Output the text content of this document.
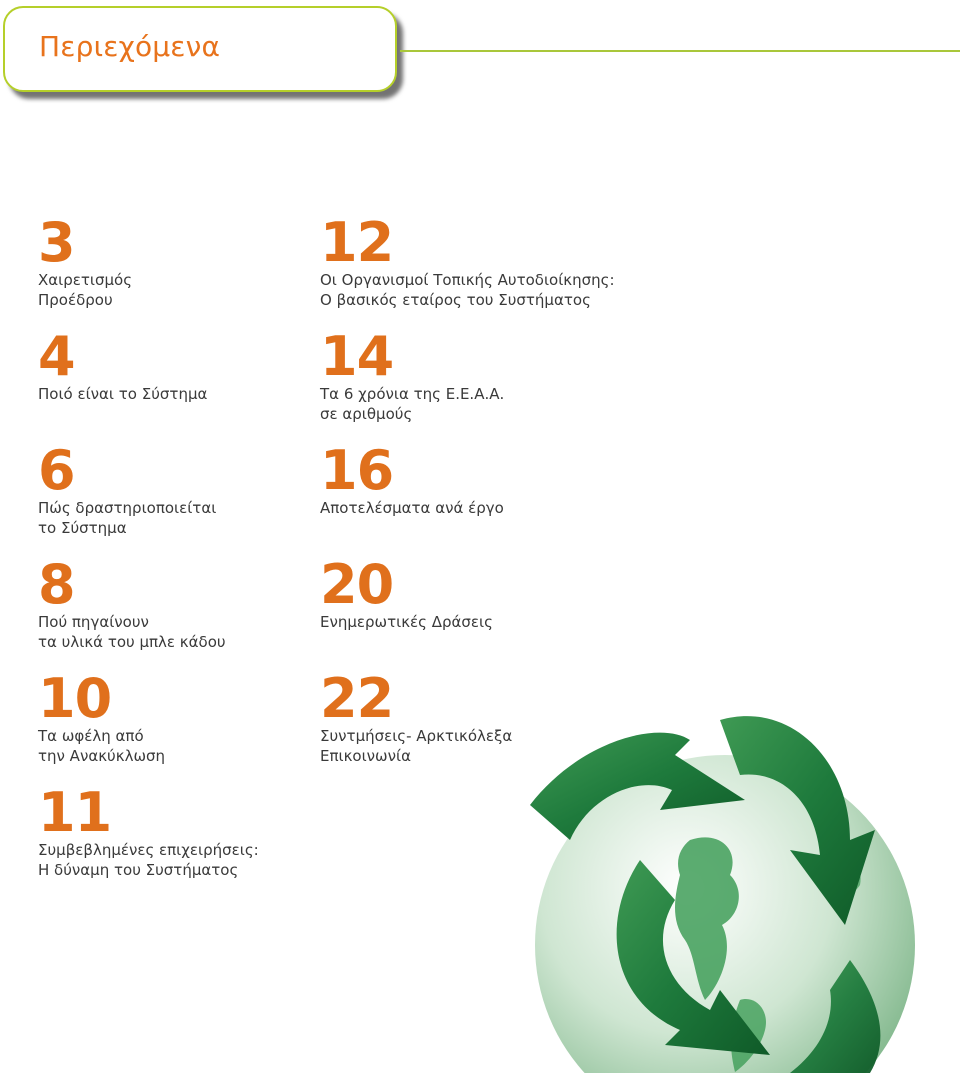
Περιεχόμενα
3
Χαιρετισμός
Προέδρου
4
Ποιό είναι το Σύστημα
6
Πώς δραστηριοποιείται
το Σύστημα
8
Πού πηγαίνουν
τα υλικά του μπλε κάδου
10
Τα ωφέλη από
την Ανακύκλωση
11
Συμβεβλημένες επιχειρήσεις:
Η δύναμη του Συστήματος
12
Οι Οργανισμοί Τοπικής Αυτοδιοίκησης:
Ο βασικός εταίρος του Συστήματος
14
Τα 6 χρόνια της Ε.Ε.Α.Α.
σε αριθμούς
16
Αποτελέσματα ανά έργο
20
Ενημερωτικές Δράσεις
22
Συντμήσεις- Αρκτικόλεξα
Επικοινωνία
